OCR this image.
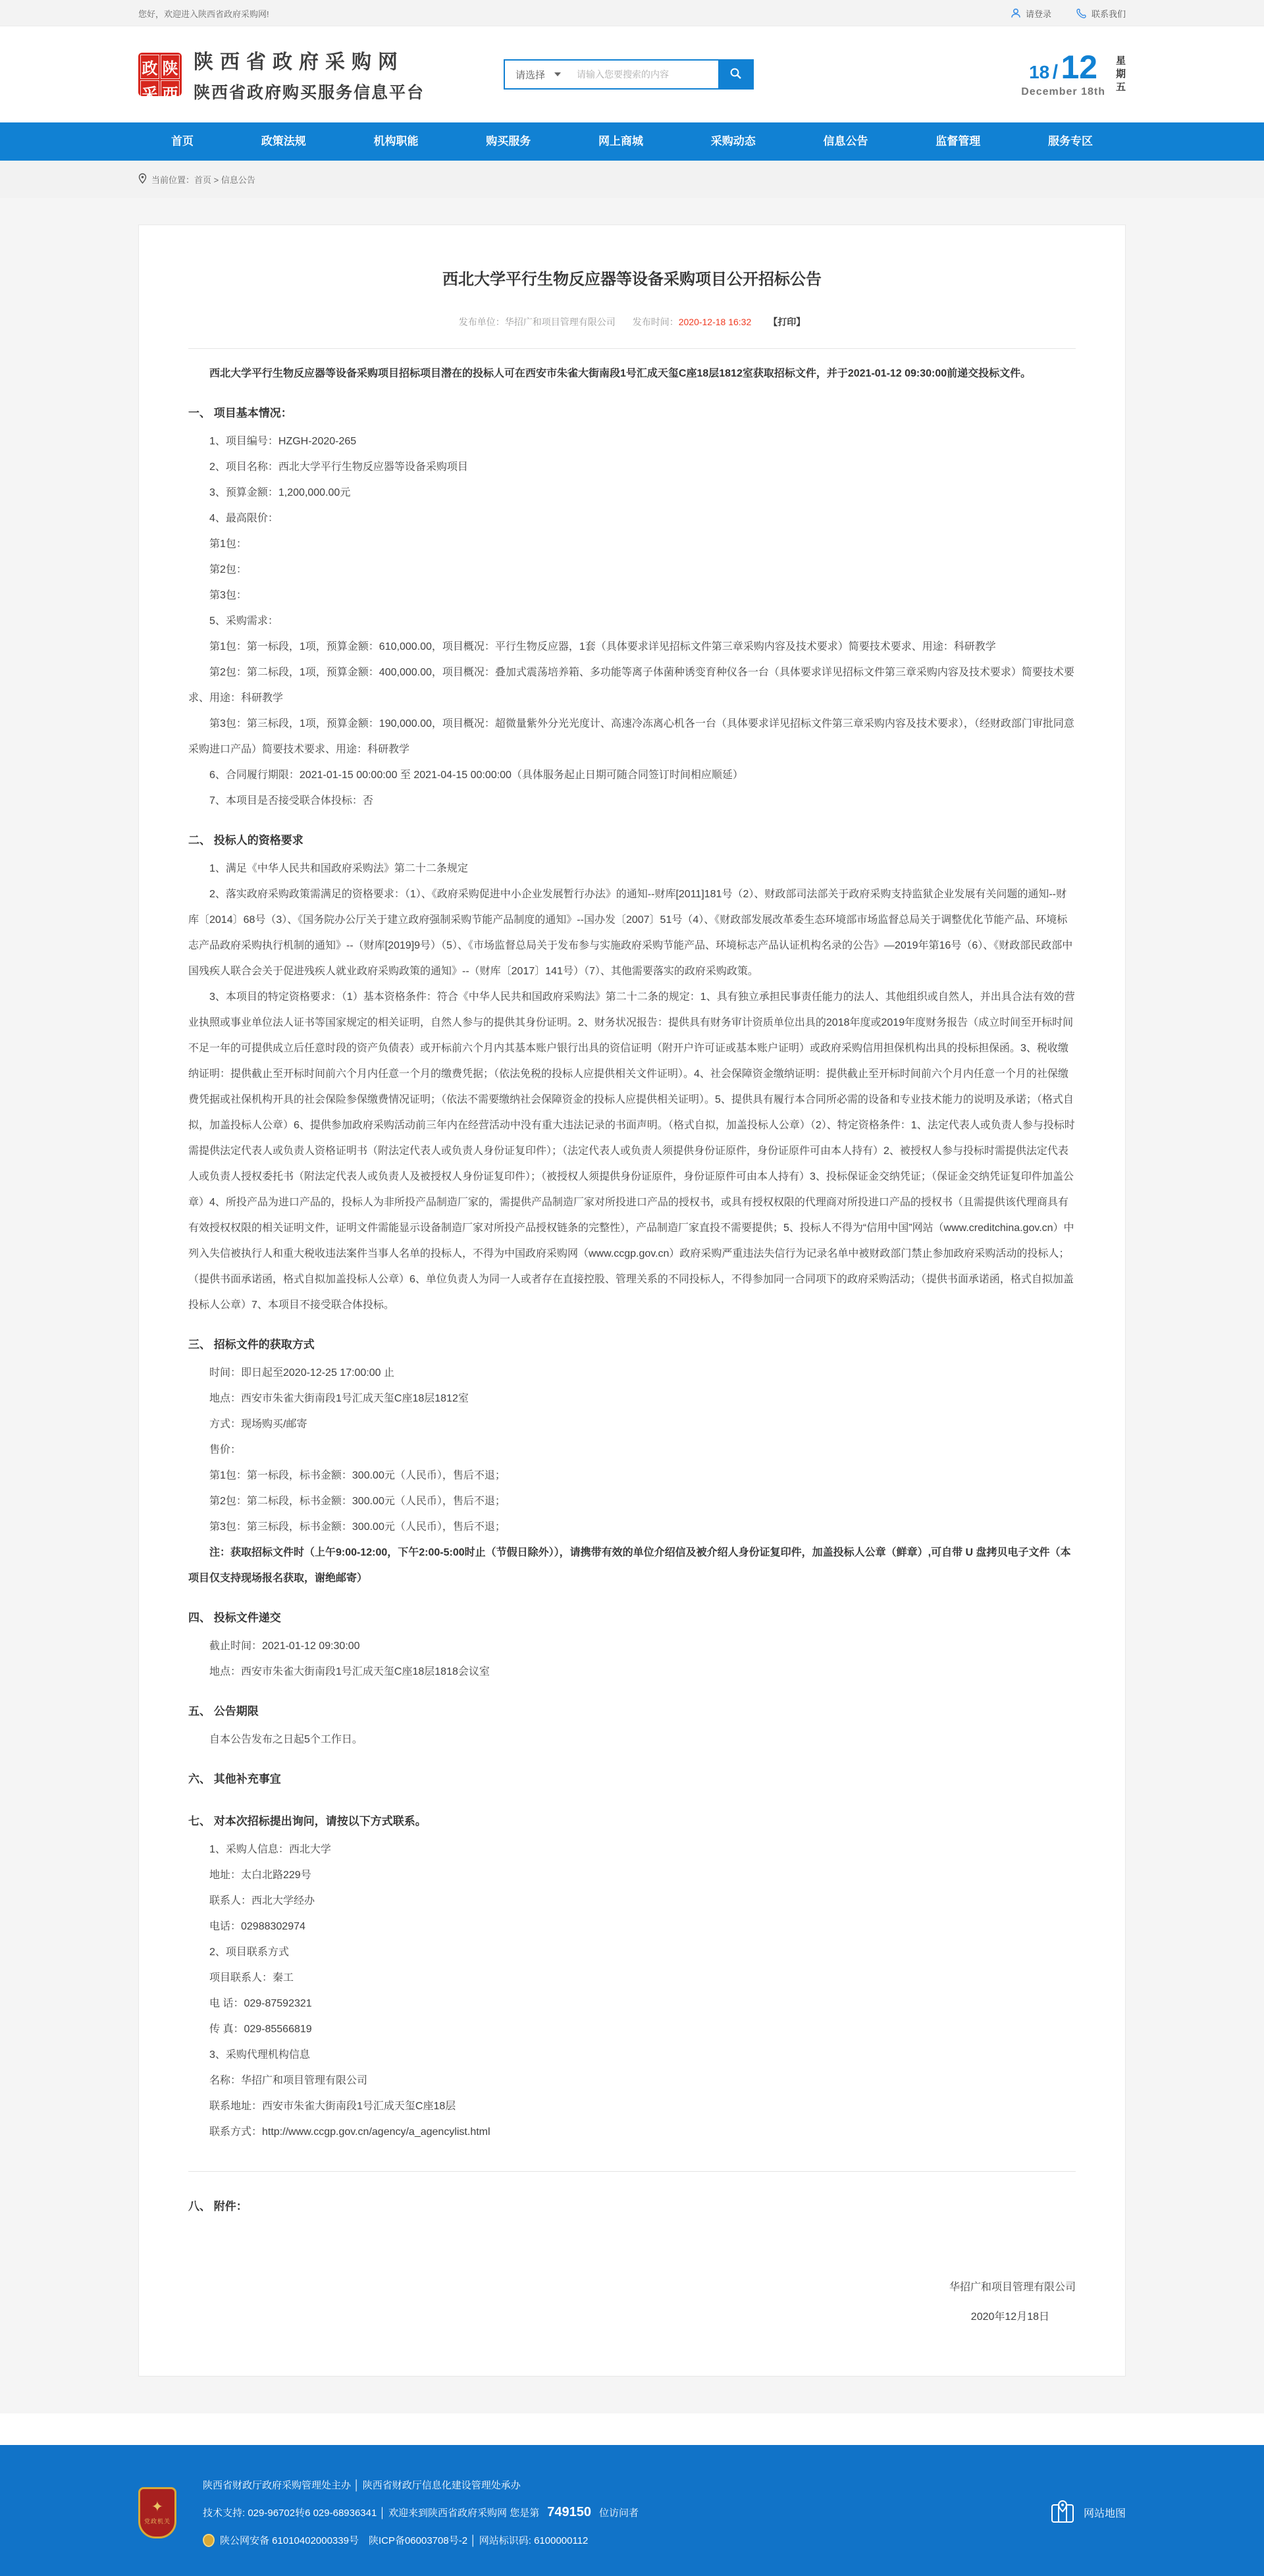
您好，欢迎进入陕西省政府采购网!	请登录	联系我们
政 陕
采 西
陕西省政府采购网
陕西省政府购买服务信息平台
请选择
请输入您要搜索的内容	18 / 12
December 18th
星
期
五
首页	政策法规	机构职能	购买服务	网上商城	采购动态	信息公告	监督管理	服务专区
当前位置：首页 > 信息公告
西北大学平行生物反应器等设备采购项目公开招标公告
发布单位：华招广和项目管理有限公司 发布时间：2020-12-18 16:32 【打印】

西北大学平行生物反应器等设备采购项目招标项目潜在的投标人可在西安市朱雀大街南段1号汇成天玺C座18层1812室获取招标文件，并于2021-01-12 09:30:00前递交投标文件。

一、 项目基本情况：

1、项目编号：HZGH-2020-265

2、项目名称：西北大学平行生物反应器等设备采购项目

3、预算金额：1,200,000.00元

4、最高限价：

第1包：

第2包：

第3包：

5、采购需求：

第1包：第一标段，1项，预算金额：610,000.00，项目概况：平行生物反应器，1套（具体要求详见招标文件第三章采购内容及技术要求）简要技术要求、用途：科研教学

第2包：第二标段，1项，预算金额：400,000.00，项目概况：叠加式震荡培养箱、多功能等离子体菌种诱变育种仪各一台（具体要求详见招标文件第三章采购内容及技术要求）简要技术要求、用途：科研教学

第3包：第三标段，1项，预算金额：190,000.00，项目概况：超微量紫外分光光度计、高速冷冻离心机各一台（具体要求详见招标文件第三章采购内容及技术要求），（经财政部门审批同意采购进口产品）简要技术要求、用途：科研教学

6、合同履行期限：2021-01-15 00:00:00 至 2021-04-15 00:00:00（具体服务起止日期可随合同签订时间相应顺延）

7、本项目是否接受联合体投标：否

二、 投标人的资格要求

1、满足《中华人民共和国政府采购法》第二十二条规定

2、落实政府采购政策需满足的资格要求：（1）、《政府采购促进中小企业发展暂行办法》的通知--财库[2011]181号（2）、财政部司法部关于政府采购支持监狱企业发展有关问题的通知--财库〔2014〕68号（3）、《国务院办公厅关于建立政府强制采购节能产品制度的通知》--国办发〔2007〕51号（4）、《财政部发展改革委生态环境部市场监督总局关于调整优化节能产品、环境标志产品政府采购执行机制的通知》--（财库[2019]9号）（5）、《市场监督总局关于发布参与实施政府采购节能产品、环境标志产品认证机构名录的公告》—2019年第16号（6）、《财政部民政部中国残疾人联合会关于促进残疾人就业政府采购政策的通知》--（财库〔2017〕141号）（7）、其他需要落实的政府采购政策。

3、本项目的特定资格要求：（1）基本资格条件：符合《中华人民共和国政府采购法》第二十二条的规定：1、具有独立承担民事责任能力的法人、其他组织或自然人，并出具合法有效的营业执照或事业单位法人证书等国家规定的相关证明，自然人参与的提供其身份证明。2、财务状况报告：提供具有财务审计资质单位出具的2018年度或2019年度财务报告（成立时间至开标时间不足一年的可提供成立后任意时段的资产负债表）或开标前六个月内其基本账户银行出具的资信证明（附开户许可证或基本账户证明）或政府采购信用担保机构出具的投标担保函。3、税收缴纳证明：提供截止至开标时间前六个月内任意一个月的缴费凭据；（依法免税的投标人应提供相关文件证明）。4、社会保障资金缴纳证明：提供截止至开标时间前六个月内任意一个月的社保缴费凭据或社保机构开具的社会保险参保缴费情况证明；（依法不需要缴纳社会保障资金的投标人应提供相关证明）。5、提供具有履行本合同所必需的设备和专业技术能力的说明及承诺；（格式自拟，加盖投标人公章）6、提供参加政府采购活动前三年内在经营活动中没有重大违法记录的书面声明。（格式自拟，加盖投标人公章）（2）、特定资格条件：1、法定代表人或负责人参与投标时需提供法定代表人或负责人资格证明书（附法定代表人或负责人身份证复印件）；（法定代表人或负责人须提供身份证原件，身份证原件可由本人持有）2、被授权人参与投标时需提供法定代表人或负责人授权委托书（附法定代表人或负责人及被授权人身份证复印件）；（被授权人须提供身份证原件，身份证原件可由本人持有）3、投标保证金交纳凭证；（保证金交纳凭证复印件加盖公章）4、所投产品为进口产品的，投标人为非所投产品制造厂家的，需提供产品制造厂家对所投进口产品的授权书，或具有授权权限的代理商对所投进口产品的授权书（且需提供该代理商具有有效授权权限的相关证明文件，证明文件需能显示设备制造厂家对所投产品授权链条的完整性），产品制造厂家直投不需要提供；5、投标人不得为“信用中国”网站（www.creditchina.gov.cn）中列入失信被执行人和重大税收违法案件当事人名单的投标人，不得为中国政府采购网（www.ccgp.gov.cn）政府采购严重违法失信行为记录名单中被财政部门禁止参加政府采购活动的投标人；（提供书面承诺函，格式自拟加盖投标人公章）6、单位负责人为同一人或者存在直接控股、管理关系的不同投标人，不得参加同一合同项下的政府采购活动；（提供书面承诺函，格式自拟加盖投标人公章）7、本项目不接受联合体投标。

三、 招标文件的获取方式

时间：即日起至2020-12-25 17:00:00 止

地点：西安市朱雀大街南段1号汇成天玺C座18层1812室

方式：现场购买/邮寄

售价：

第1包：第一标段，标书金额：300.00元（人民币），售后不退；

第2包：第二标段，标书金额：300.00元（人民币），售后不退；

第3包：第三标段，标书金额：300.00元（人民币），售后不退；

注：获取招标文件时（上午9:00-12:00，下午2:00-5:00时止（节假日除外）），请携带有效的单位介绍信及被介绍人身份证复印件，加盖投标人公章（鲜章）,可自带 U 盘拷贝电子文件（本项目仅支持现场报名获取，谢绝邮寄）

四、 投标文件递交

截止时间：2021-01-12 09:30:00

地点：西安市朱雀大街南段1号汇成天玺C座18层1818会议室

五、 公告期限

自本公告发布之日起5个工作日。

六、 其他补充事宜

七、 对本次招标提出询问，请按以下方式联系。

1、采购人信息：西北大学

地址：太白北路229号

联系人：西北大学经办

电话：02988302974

2、项目联系方式

项目联系人：秦工

电 话：029-87592321

传 真：029-85566819

3、采购代理机构信息

名称：华招广和项目管理有限公司

联系地址：西安市朱雀大街南段1号汇成天玺C座18层

联系方式：http://www.ccgp.gov.cn/agency/a_agencylist.html

八、 附件：

华招广和项目管理有限公司

2020年12月18日

✦
党政机关
陕西省财政厅政府采购管理处主办 │ 陕西省财政厅信息化建设管理处承办
技术支持: 029-96702转6 029-68936341 │ 欢迎来到陕西省政府采购网 您是第 749150 位访问者
陕公网安备 61010402000339号　陕ICP备06003708号-2 │ 网站标识码: 6100000112
网站地图
